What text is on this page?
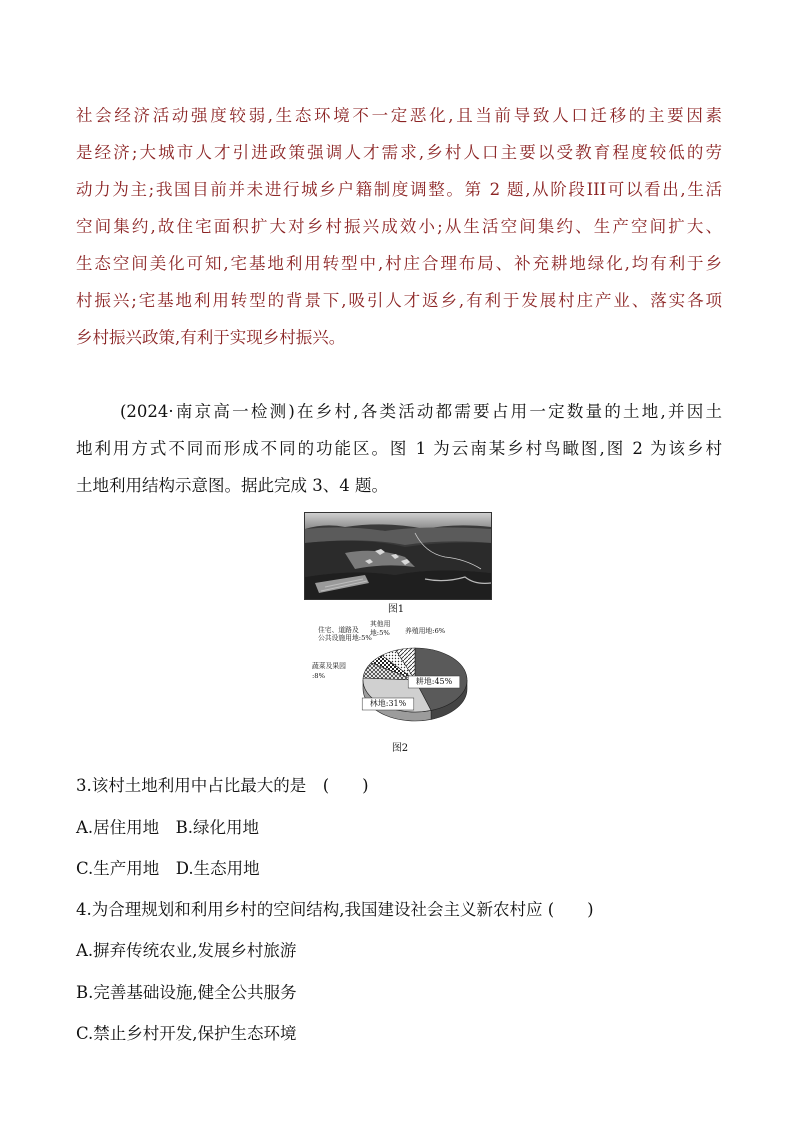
社会经济活动强度较弱,生态环境不一定恶化,且当前导致人口迁移的主要因素
是经济;大城市人才引进政策强调人才需求,乡村人口主要以受教育程度较低的劳
动力为主;我国目前并未进行城乡户籍制度调整。第 2 题,从阶段III可以看出,生活
空间集约,故住宅面积扩大对乡村振兴成效小;从生活空间集约、生产空间扩大、
生态空间美化可知,宅基地利用转型中,村庄合理布局、补充耕地绿化,均有利于乡
村振兴;宅基地利用转型的背景下,吸引人才返乡,有利于发展村庄产业、落实各项
乡村振兴政策,有利于实现乡村振兴。
(2024·南京高一检测)在乡村,各类活动都需要占用一定数量的土地,并因土
地利用方式不同而形成不同的功能区。图 1 为云南某乡村鸟瞰图,图 2 为该乡村
土地利用结构示意图。据此完成 3、4 题。
图1
耕地:45%
林地:31%
蔬菜及果园
:8%
住宅、道路及
公共设施用地:5%
其他用
地:5% 养殖用地:6%
图2
3.该村土地利用中占比最大的是　(　　)
A.居住用地　B.绿化用地
C.生产用地　D.生态用地
4.为合理规划和利用乡村的空间结构,我国建设社会主义新农村应 (　　)
A.摒弃传统农业,发展乡村旅游
B.完善基础设施,健全公共服务
C.禁止乡村开发,保护生态环境
